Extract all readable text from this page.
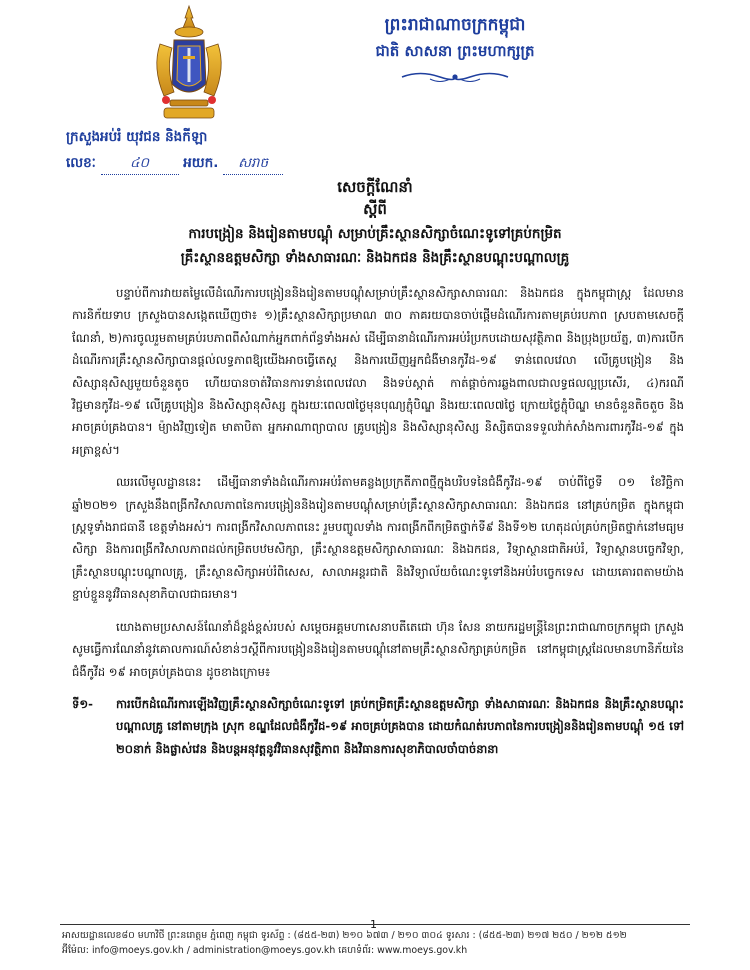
ព្រះរាជាណាចក្រកម្ពុជា
ជាតិ សាសនា ព្រះមហាក្សត្រ
ក្រសួងអប់រំ យុវជន និងកីឡា
លេខៈ	៤០	អយក. សរាច
សេចក្ដីណែនាំ
ស្ដីពី
ការបង្រៀន និងរៀនតាមបណ្ដុំ សម្រាប់គ្រឹះស្ថានសិក្សាចំណេះទូទៅគ្រប់កម្រិត
គ្រឹះស្ថានឧត្ដមសិក្សា ទាំងសាធារណៈ និងឯកជន និងគ្រឹះស្ថានបណ្ដុះបណ្ដាលគ្រូ

បន្ទាប់ពីការវាយតម្លៃលើដំណើរការបង្រៀននិងរៀនតាមបណ្ដុំសម្រាប់គ្រឹះស្ថានសិក្សាសាធារណៈ និងឯកជន ក្នុងកម្ពុជាស្ត្រ ដែលមានការនិក័យទាប ក្រសួងបានសង្កេតឃើញថា៖ ១)គ្រឹះស្ថានសិក្សាប្រមាណ ៣០ ភាគរយបានចាប់ផ្ដើមដំណើរការតាមគ្រប់របភាព ស្របតាមសេចក្ដីណែនាំ, ២)ការចូលរួមតាមគ្រប់របភាពពីសំណាក់អ្នកពាក់ព័ន្ធទាំងអស់ ដើម្បីធានាដំណើរការអប់រំប្រកបដោយសុវត្ថិភាព និងប្រុងប្រយ័ត្ន, ៣)ការបើកដំណើរការគ្រឹះស្ថានសិក្សាបានផ្ដល់លទ្ធភាពឱ្យយើងអាចធ្វើតេស្ត និងការឃើញអ្នកជំងឺមានកូវីដ-១៩ ទាន់ពេលវេលា លើគ្រូបង្រៀន និងសិស្សានុសិស្សមួយចំនួនតូច ហើយបានចាត់វិធានការទាន់ពេលវេលា និងទប់ស្កាត់ កាត់ផ្ដាច់ការឆ្លងពាលជាលទ្ធផលល្អប្រសើរ, ៤)ករណីវិជ្ជមានកូវីដ-១៩ លើគ្រូបង្រៀន និងសិស្សានុសិស្ស ក្នុងរយៈពេល៧ថ្ងៃមុនបុណ្យភ្ជុំបិណ្ឌ និងរយៈពេល៧ថ្ងៃ ក្រោយថ្ងៃភ្ជុំបិណ្ឌ មានចំនួនតិចតួច និងអាចគ្រប់គ្រងបាន។ ម៉្យាងវិញទៀត មាតាបិតា អ្នកអាណាព្យាបាល គ្រូបង្រៀន និងសិស្សានុសិស្ស និស្សិតបានទទួលវ៉ាក់សាំងការពារកូវីដ-១៩ ក្នុងអត្រាខ្ពស់។

ឈរលើមូលដ្ឋាននេះ ដើម្បីធានាទាំងដំណើរការអប់រំតាមគន្លងប្រក្រតីភាពថ្មីក្នុងបរិបទនៃជំងឺកូវីដ-១៩ ចាប់ពីថ្ងៃទី ០១ ខែវិច្ឆិកា ឆ្នាំ២០២១ ក្រសួងនឹងពង្រីកវិសាលភាពនៃការបង្រៀននិងរៀនតាមបណ្ដុំសម្រាប់គ្រឹះស្ថានសិក្សាសាធារណៈ និងឯកជន នៅគ្រប់កម្រិត ក្នុងកម្ពុជាស្ត្រទូទាំងរាជធានី ខេត្តទាំងអស់។ ការពង្រីកវិសាលភាពនេះ រួមបញ្ចូលទាំង ការពង្រីកពីកម្រិតថ្នាក់ទី៩ និងទី១២ ហេតុដល់គ្រប់កម្រិតថ្នាក់នៅមធ្យមសិក្សា និងការពង្រីកវិសាលភាពដល់កម្រិតបឋមសិក្សា, គ្រឹះស្ថានឧត្ដមសិក្សាសាធារណៈ និងឯកជន, វិទ្យាស្ថានជាតិអប់រំ, វិទ្យាស្ថានបច្ចេកវិទ្យា, គ្រឹះស្ថានបណ្ដុះបណ្ដាលគ្រូ, គ្រឹះស្ថានសិក្សាអប់រំពិសេស, សាលាអន្តរជាតិ និងវិទ្យាល័យចំណេះទូទៅនិងអប់រំបច្ចេកទេស ដោយគោរពតាមយ៉ាងខ្ជាប់ខ្ជួននូវវិធានសុខាភិបាលជាធរមាន។

យោងតាមប្រសាសន៍ណែនាំដ៏ខ្ពង់ខ្ពស់របស់ សម្ដេចអគ្គមហាសេនាបតីតេជោ ហ៊ុន សែន នាយករដ្ឋមន្ត្រីនៃព្រះរាជាណាចក្រកម្ពុជា ក្រសួងសូមធ្វើការណែនាំនូវគោលការណ៍សំខាន់ៗស្ដីពីការបង្រៀននិងរៀនតាមបណ្ដុំនៅតាមគ្រឹះស្ថានសិក្សាគ្រប់កម្រិត នៅកម្ពុជាស្ត្រដែលមានហានិភ័យនៃជំងឺកូវីដ ១៩ អាចគ្រប់គ្រងបាន ដូចខាងក្រោម៖

ទី១- ការបើកដំណើរការឡើងវិញគ្រឹះស្ថានសិក្សាចំណេះទូទៅ គ្រប់កម្រិតគ្រឹះស្ថានឧត្ដមសិក្សា ទាំងសាធារណៈ និងឯកជន និងគ្រឹះស្ថានបណ្ដុះបណ្ដាលគ្រូ នៅតាមក្រុង ស្រុក ខណ្ឌដែលជំងឺកូវីដ-១៩ អាចគ្រប់គ្រងបាន ដោយកំណត់របភាពនៃការបង្រៀននិងរៀនតាមបណ្ដុំ ១៥ ទៅ ២០នាក់ និងផ្លាស់វេន និងបន្តអនុវត្តនូវវិធានសុវត្ថិភាព និងវិធានការសុខាភិបាលចាំបាច់នានា

1
អាសយដ្ឋានលេខ៨០ មហាវិថី ព្រះនរោត្តម ភ្នំពេញ កម្ពុជា ទូរស័ព្ទ : (៨៥៥-២៣) ២១០ ៦៧៣ / ២១០ ៣០៤ ទូរសារ : (៨៥៥-២៣) ២១៧ ២៥០ / ២១២ ៥១២
អ៊ីម៉ែល: info@moeys.gov.kh / administration@moeys.gov.kh គេហទំព័រ: www.moeys.gov.kh
